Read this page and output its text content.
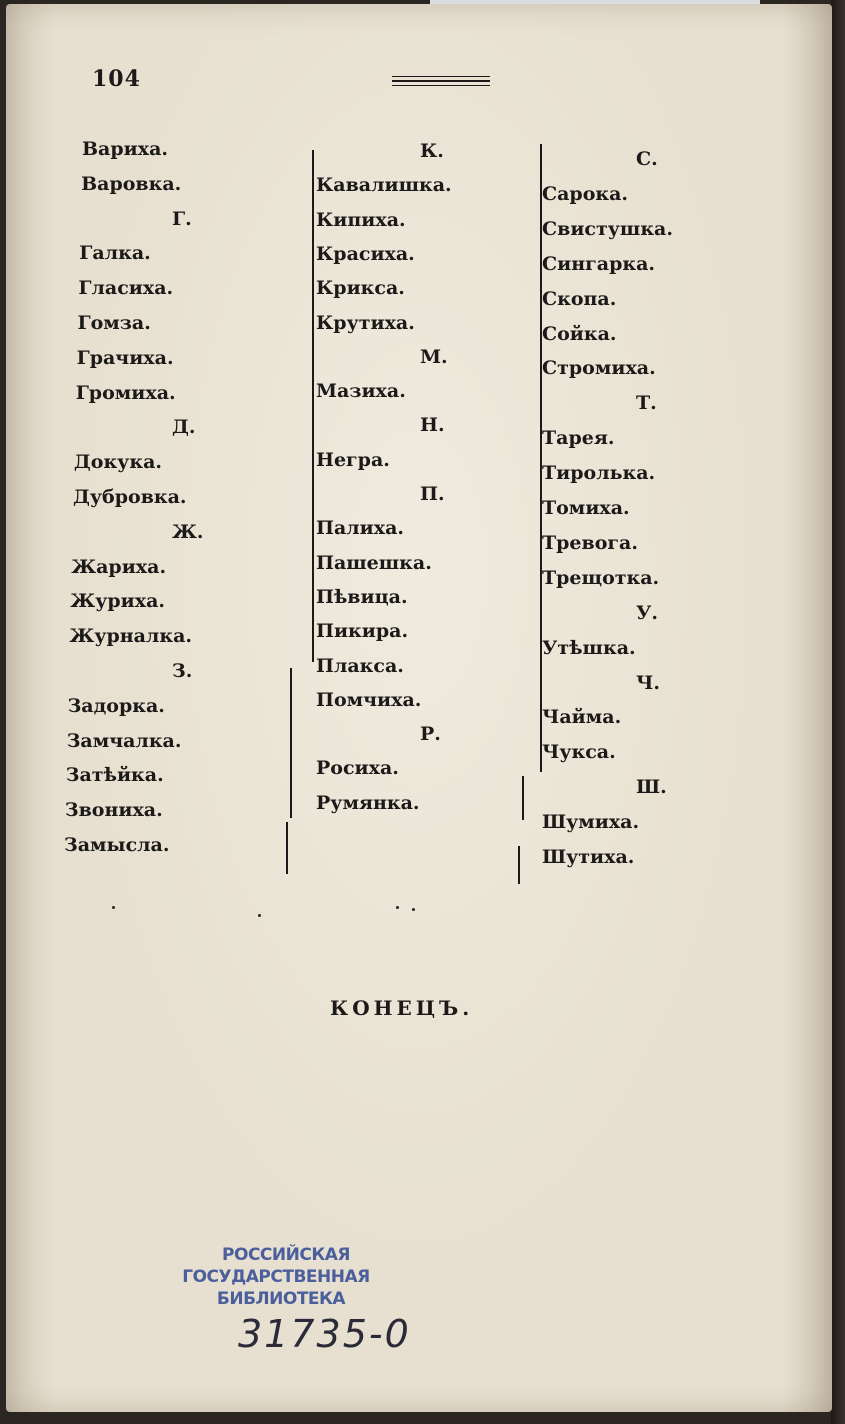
104
Вариха.
Варовка.
Г.
Галка.
Гласиха.
Гомза.
Грачиха.
Громиха.
Д.
Докука.
Дубровка.
Ж.
Жариха.
Журиха.
Журналка.
З.
Задорка.
Замчалка.
Затѣйка.
Звониха.
Замысла.
К.
Кавалишка.
Кипиха.
Красиха.
Крикса.
Крутиха.
М.
Мазиха.
Н.
Негра.
П.
Палиха.
Пашешка.
Пѣвица.
Пикира.
Плакса.
Помчиха.
Р.
Росиха.
Румянка.
С.
Сарока.
Свистушка.
Сингарка.
Скопа.
Сойка.
Стромиха.
Т.
Тарея.
Тиролька.
Томиха.
Тревога.
Трещотка.
У.
Утѣшка.
Ч.
Чайма.
Чукса.
Ш.
Шумиха.
Шутиха.
КОНЕЦЪ.
РОССИЙСКАЯ
ГОСУДАРСТВЕННАЯ
БИБЛИОТЕКА
31735-0
